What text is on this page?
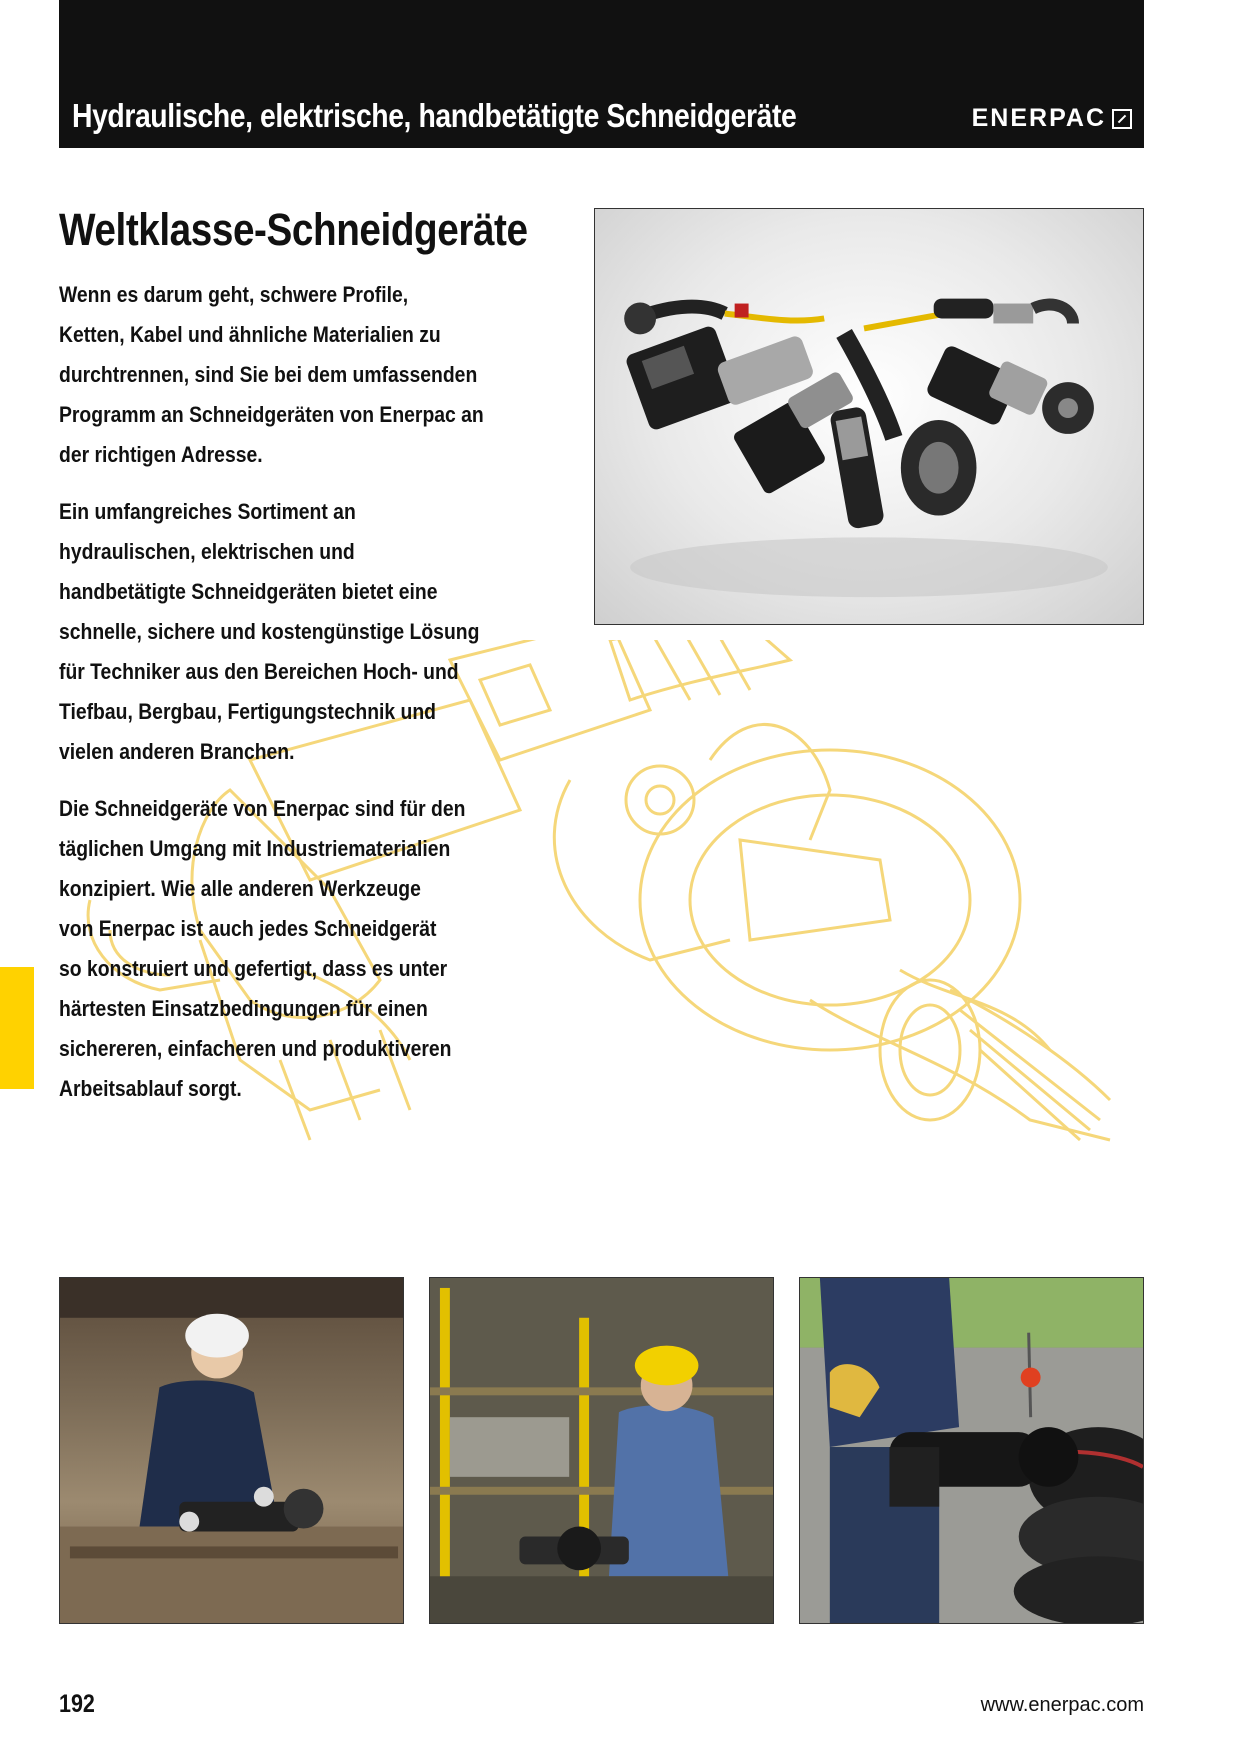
Hydraulische, elektrische, handbetätigte Schneidgeräte	ENERPAC
Weltklasse-Schneidgeräte

Wenn es darum geht, schwere Profile,
Ketten, Kabel und ähnliche Materialien zu
durchtrennen, sind Sie bei dem umfassenden
Programm an Schneidgeräten von Enerpac an
der richtigen Adresse.

Ein umfangreiches Sortiment an
hydraulischen, elektrischen und
handbetätigte Schneidgeräten bietet eine
schnelle, sichere und kostengünstige Lösung
für Techniker aus den Bereichen Hoch- und
Tiefbau, Bergbau, Fertigungstechnik und
vielen anderen Branchen.

Die Schneidgeräte von Enerpac sind für den
täglichen Umgang mit Industriematerialien
konzipiert. Wie alle anderen Werkzeuge
von Enerpac ist auch jedes Schneidgerät
so konstruiert und gefertigt, dass es unter
härtesten Einsatzbedingungen für einen
sichereren, einfacheren und produktiveren
Arbeitsablauf sorgt.

192	www.enerpac.com
